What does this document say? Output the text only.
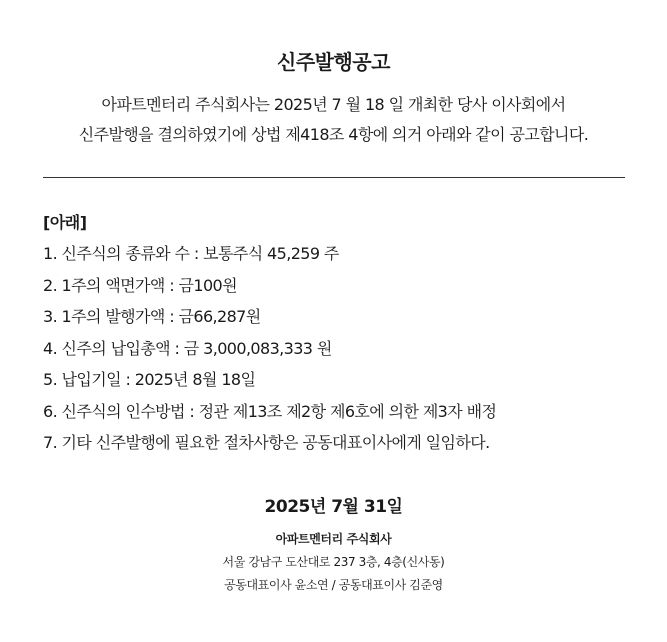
신주발행공고
아파트멘터리 주식회사는 2025년 7 월 18 일 개최한 당사 이사회에서
신주발행을 결의하였기에 상법 제418조 4항에 의거 아래와 같이 공고합니다.
[아래]
1. 신주식의 종류와 수 : 보통주식 45,259 주
2. 1주의 액면가액 : 금100원
3. 1주의 발행가액 : 금66,287원
4. 신주의 납입총액 : 금 3,000,083,333 원
5. 납입기일 : 2025년 8월 18일
6. 신주식의 인수방법 : 정관 제13조 제2항 제6호에 의한 제3자 배정
7. 기타 신주발행에 필요한 절차사항은 공동대표이사에게 일임하다.
2025년 7월 31일
아파트멘터리 주식회사
서울 강남구 도산대로 237 3층, 4층(신사동)
공동대표이사 윤소연 / 공동대표이사 김준영
